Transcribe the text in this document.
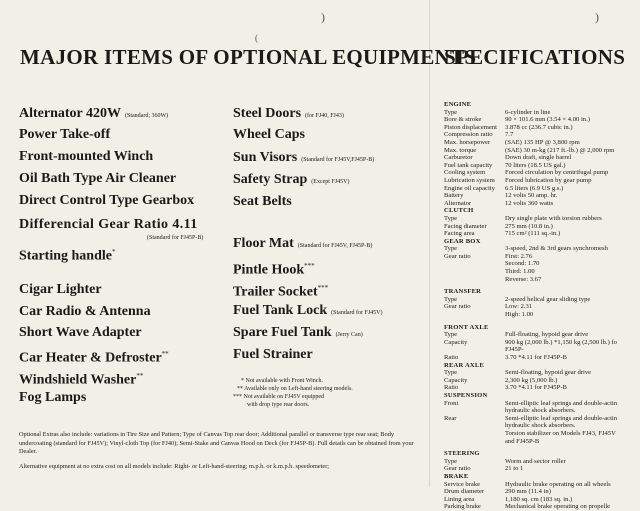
)	)
(
MAJOR ITEMS OF OPTIONAL EQUIPMENTS
SPECIFICATIONS
Alternator 420W (Standard; 360W)
Power Take-off
Front-mounted Winch
Oil Bath Type Air Cleaner
Direct Control Type Gearbox
Differencial Gear Ratio 4.11
Starting handle*
Cigar Lighter
Car Radio & Antenna
Short Wave Adapter
Car Heater & Defroster**
Windshield Washer**
Fog Lamps
(Standard for FJ45P-B)
Steel Doors (for FJ40, FJ43)
Wheel Caps
Sun Visors (Standard for FJ45V,FJ45P-B)
Safety Strap (Except FJ45V)
Seat Belts
Floor Mat (Standard for FJ45V, FJ45P-B)
Pintle Hook***
Trailer Socket***
Fuel Tank Lock (Standard for FJ45V)
Spare Fuel Tank (Jerry Can)
Fuel Strainer
* Not available with Front Winch.
** Available only on Left-hand steering models.
*** Not available on FJ45V equipped
with drop type rear doors.
Optional Extras also include: variations in Tire Size and Pattern; Type of Canvas Top rear door; Additional parallel or transverse type rear seat; Body undercoating (standard for FJ45V); Vinyl-cloth Top (for FJ40); Semi-Stake and Canvas Hood on Deck (for FJ45P-B). Full details can be obtained from your Dealer.
Alternative equipment at no extra cost on all models include: Right- or Left-hand-steering; m.p.h. or k.m.p.h. speedometer;
ENGINE
Type	6-cylinder in line
Bore & stroke	90 × 101.6 mm (3.54 × 4.00 in.)
Piston displacement	3.878 cc (236.7 cubic in.)
Compression ratio	7.7
Max. horsepower	(SAE) 135 HP @ 3,800 rpm
Max. torque	(SAE) 30 m-kg (217 ft.-lb.) @ 2,000 rpm
Carburetor	Down draft, single barrel
Fuel tank capacity	70 liters (18.5 US gal.)
Cooling system	Forced circulation by centrifugal pump
Lubrication system	Forced lubrication by gear pump
Engine oil capacity	6.5 liters (6.9 US g.s.)
Battery	12 volts 50 amp. hr.
Alternator	12 volts 360 watts
CLUTCH
Type	Dry single plate with torsion rubbers
Facing diameter	275 mm (10.8 in.)
Facing area	715 cm² (111 sq.-in.)
GEAR BOX
Type	3-speed, 2nd & 3rd gears synchromesh
Gear ratio	First: 2.76
Second: 1.70
Third: 1.00
Reverse: 3.67
TRANSFER
Type	2-speed helical gear sliding type
Gear ratio	Low: 2.31
High: 1.00
FRONT AXLE
Type	Full-floating, hypoid gear drive
Capacity	900 kg (2,000 lb.) *1,150 kg (2,500 lb.) fo
FJ45P-
Ratio	3.70 *4.11 for FJ45P-B
REAR AXLE
Type	Semi-floating, hypoid gear drive
Capacity	2,300 kg (5,000 lb.)
Ratio	3.70 *4.11 for FJ45P-B
SUSPENSION
Front	Semi-elliptic leaf springs and double-actin
hydraulic shock absorbers.
Rear	Semi-elliptic leaf springs and double-actin
hydraulic shock absorbers.
Torsion stabilizer on Models FJ43, FJ45V
and FJ45P-B
STEERING
Type	Worm and sector roller
Gear ratio	21 to 1
BRAKE
Service brake	Hydraulic brake operating on all wheels
Drum diameter	290 mm (11.4 in)
Lining area	1,180 sq. cm (183 sq. in.)
Parking brake	Mechanical brake operating on propelle
